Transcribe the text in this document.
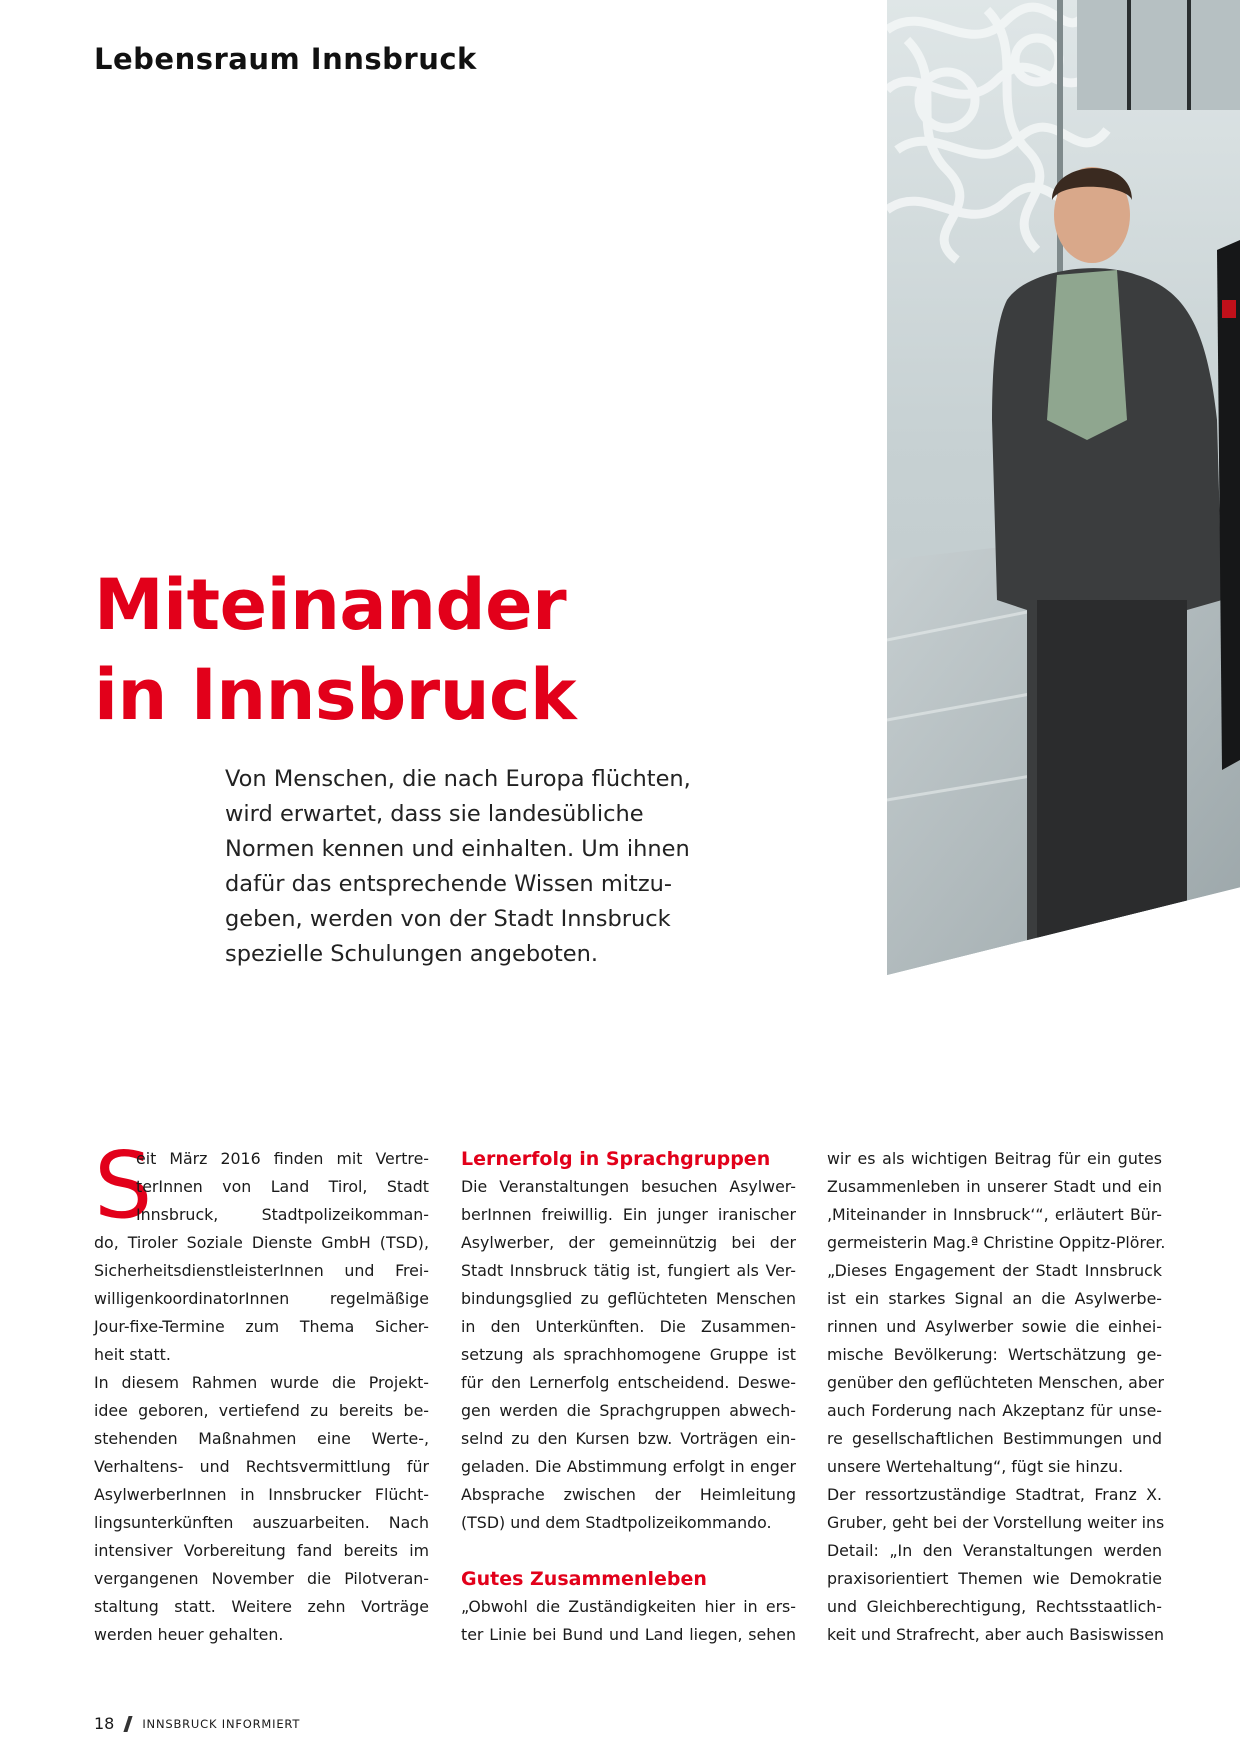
Lebensraum Innsbruck
Miteinander
in Innsbruck
Von Menschen, die nach Europa flüchten,
wird erwartet, dass sie landesübliche
Normen kennen und einhalten. Um ihnen
dafür das entsprechende Wissen mitzu-
geben, werden von der Stadt Innsbruck
spezielle Schulungen angeboten.
S
eit März 2016 finden mit Vertre-
terInnen von Land Tirol, Stadt
Innsbruck, Stadtpolizeikomman-
do, Tiroler Soziale Dienste GmbH (TSD),
SicherheitsdienstleisterInnen und Frei-
willigenkoordinatorInnen regelmäßige
Jour-fixe-Termine zum Thema Sicher-
heit statt.
In diesem Rahmen wurde die Projekt-
idee geboren, vertiefend zu bereits be-
stehenden Maßnahmen eine Werte-,
Verhaltens- und Rechtsvermittlung für
AsylwerberInnen in Innsbrucker Flücht-
lingsunterkünften auszuarbeiten. Nach
intensiver Vorbereitung fand bereits im
vergangenen November die Pilotveran-
staltung statt. Weitere zehn Vorträge
werden heuer gehalten.
Lernerfolg in Sprachgruppen
Die Veranstaltungen besuchen Asylwer-
berInnen freiwillig. Ein junger iranischer
Asylwerber, der gemeinnützig bei der
Stadt Innsbruck tätig ist, fungiert als Ver-
bindungsglied zu geflüchteten Menschen
in den Unterkünften. Die Zusammen-
setzung als sprachhomogene Gruppe ist
für den Lernerfolg entscheidend. Deswe-
gen werden die Sprachgruppen abwech-
selnd zu den Kursen bzw. Vorträgen ein-
geladen. Die Abstimmung erfolgt in enger
Absprache zwischen der Heimleitung
(TSD) und dem Stadtpolizeikommando.
Gutes Zusammenleben
„Obwohl die Zuständigkeiten hier in ers-
ter Linie bei Bund und Land liegen, sehen
wir es als wichtigen Beitrag für ein gutes
Zusammenleben in unserer Stadt und ein
‚Miteinander in Innsbruck‘“, erläutert Bür-
germeisterin Mag.ª Christine Oppitz-Plörer.
„Dieses Engagement der Stadt Innsbruck
ist ein starkes Signal an die Asylwerbe-
rinnen und Asylwerber sowie die einhei-
mische Bevölkerung: Wertschätzung ge-
genüber den geflüchteten Menschen, aber
auch Forderung nach Akzeptanz für unse-
re gesellschaftlichen Bestimmungen und
unsere Wertehaltung“, fügt sie hinzu.
Der ressortzuständige Stadtrat, Franz X.
Gruber, geht bei der Vorstellung weiter ins
Detail: „In den Veranstaltungen werden
praxisorientiert Themen wie Demokratie
und Gleichberechtigung, Rechtsstaatlich-
keit und Strafrecht, aber auch Basiswissen
18 INNSBRUCK INFORMIERT
